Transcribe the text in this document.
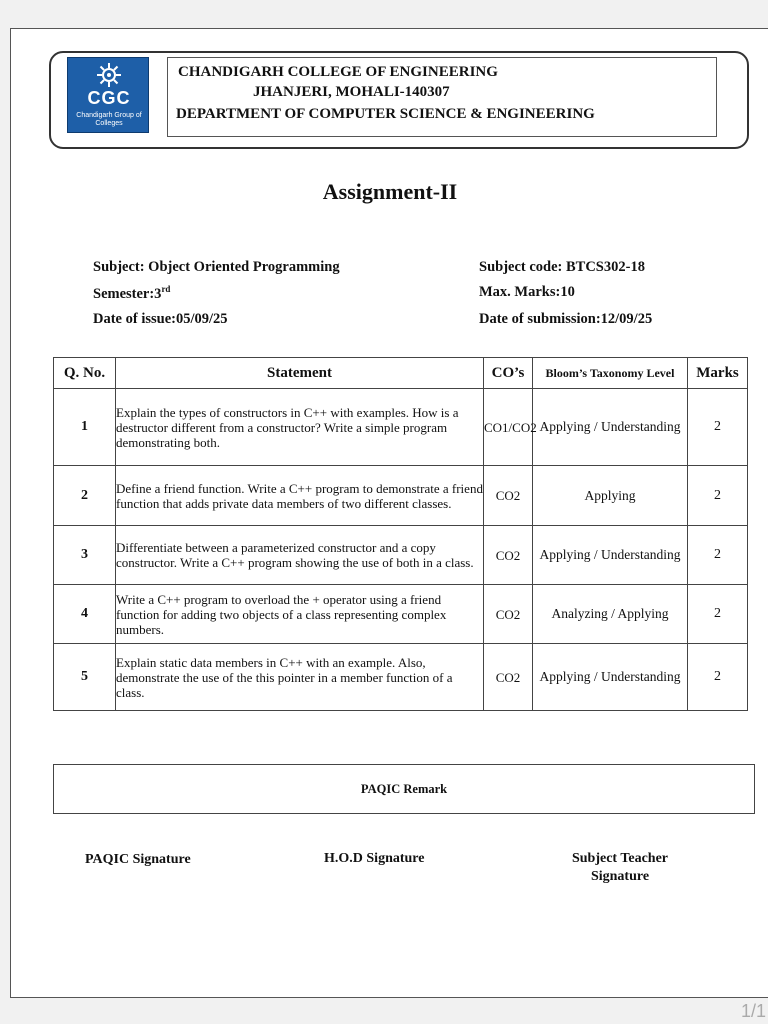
CGC
Chandigarh Group of Colleges
CHANDIGARH COLLEGE OF ENGINEERING
JHANJERI, MOHALI-140307
DEPARTMENT OF COMPUTER SCIENCE & ENGINEERING
Assignment-II
Subject: Object Oriented Programming	Subject code: BTCS302-18
Semester:3rd	Max. Marks:10
Date of issue:05/09/25	Date of submission:12/09/25
Q. No.	Statement	CO’s	Bloom’s Taxonomy Level	Marks
1	Explain the types of constructors in C++ with examples. How is a destructor different from a constructor? Write a simple program demonstrating both.	CO1/CO2	Applying / Understanding	2
2	Define a friend function. Write a C++ program to demonstrate a friend function that adds private data members of two different classes.	CO2	Applying	2
3	Differentiate between a parameterized constructor and a copy constructor. Write a C++ program showing the use of both in a class.	CO2	Applying / Understanding	2
4	Write a C++ program to overload the + operator using a friend function for adding two objects of a class representing complex numbers.	CO2	Analyzing / Applying	2
5	Explain static data members in C++ with an example. Also, demonstrate the use of the this pointer in a member function of a class.	CO2	Applying / Understanding	2
PAQIC Remark
PAQIC Signature	H.O.D Signature	Subject Teacher Signature
1/1
